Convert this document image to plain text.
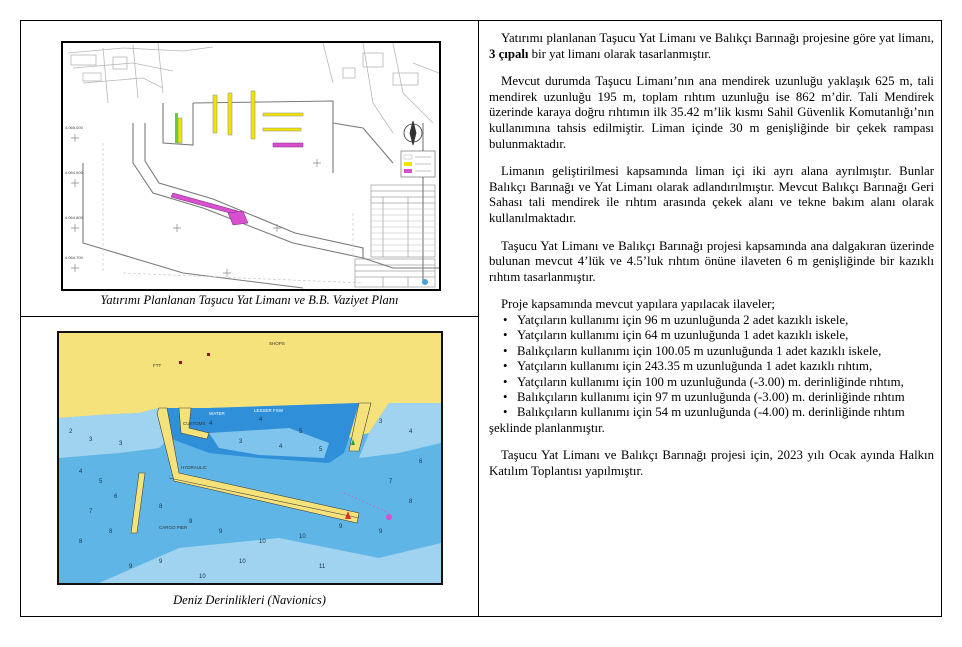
4.065.000
4.064.900
4.064.800
4.064.700
Yatırımı Planlanan Taşucu Yat Limanı ve B.B. Vaziyet Planı
4
5
6
7
8
8
8
9
9
10
10
9
9
8
7
6
10
11
4
4
5
3
4	5
2
3
3
3
4
9
9
10
FTT
SHOPS
WATER
LESSER FSW
CUSTOMS
HYDRAULIC
CARGO PIER
Deniz Derinlikleri (Navionics)

Yatırımı planlanan Taşucu Yat Limanı ve Balıkçı Barınağı projesine göre yat limanı, 3 çıpalı bir yat limanı olarak tasarlanmıştır.

Mevcut durumda Taşucu Limanı’nın ana mendirek uzunluğu yaklaşık 625 m, tali mendirek uzunluğu 195 m, toplam rıhtım uzunluğu ise 862 m’dir. Tali Mendirek üzerinde karaya doğru rıhtımın ilk 35.42 m’lik kısmı Sahil Güvenlik Komutanlığı’nın kullanımına tahsis edilmiştir. Liman içinde 30 m genişliğinde bir çekek rampası bulunmaktadır.

Limanın geliştirilmesi kapsamında liman içi iki ayrı alana ayrılmıştır. Bunlar Balıkçı Barınağı ve Yat Limanı olarak adlandırılmıştır. Mevcut Balıkçı Barınağı Geri Sahası tali mendirek ile rıhtım arasında çekek alanı ve tekne bakım alanı olarak kullanılmaktadır.

Taşucu Yat Limanı ve Balıkçı Barınağı projesi kapsamında ana dalgakıran üzerinde bulunan mevcut 4’lük ve 4.5’luk rıhtım önüne ilaveten 6 m genişliğinde bir kazıklı rıhtım tasarlanmıştır.

Proje kapsamında mevcut yapılara yapılacak ilaveler;

• Yatçıların kullanımı için 96 m uzunluğunda 2 adet kazıklı iskele,
• Yatçıların kullanımı için 64 m uzunluğunda 1 adet kazıklı iskele,
• Balıkçıların kullanımı için 100.05 m uzunluğunda 1 adet kazıklı iskele,
• Yatçıların kullanımı için 243.35 m uzunluğunda 1 adet kazıklı rıhtım,
• Yatçıların kullanımı için 100 m uzunluğunda (-3.00) m. derinliğinde rıhtım,
• Balıkçıların kullanımı için 97 m uzunluğunda (-3.00) m. derinliğinde rıhtım
• Balıkçıların kullanımı için 54 m uzunluğunda (-4.00) m. derinliğinde rıhtım

şeklinde planlanmıştır.

Taşucu Yat Limanı ve Balıkçı Barınağı projesi için, 2023 yılı Ocak ayında Halkın Katılım Toplantısı yapılmıştır.
